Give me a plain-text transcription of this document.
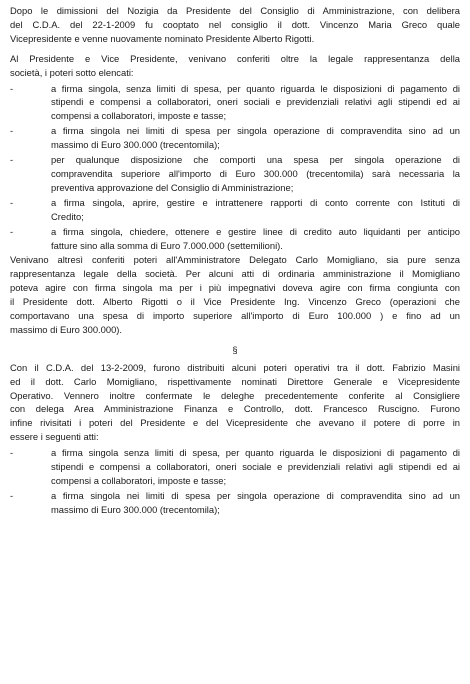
Dopo le dimissioni del Nozigia da Presidente del Consiglio di Amministrazione, con delibera
del C.D.A. del 22-1-2009 fu cooptato nel consiglio il dott. Vincenzo Maria Greco quale
Vicepresidente e venne nuovamente nominato Presidente Alberto Rigotti.
Al Presidente e Vice Presidente, venivano conferiti oltre la legale rappresentanza della
società, i poteri sotto elencati:
-	a firma singola, senza limiti di spesa, per quanto riguarda le disposizioni di pagamento di
stipendi e compensi a collaboratori, oneri sociali e previdenziali relativi agli stipendi ed ai
compensi a collaboratori, imposte e tasse;
-	a firma singola nei limiti di spesa per singola operazione di compravendita sino ad un
massimo di Euro 300.000 (trecentomila);
-	per qualunque disposizione che comporti una spesa per singola operazione di
compravendita superiore all'importo di Euro 300.000 (trecentomila) sarà necessaria la
preventiva approvazione del Consiglio di Amministrazione;
-	a firma singola, aprire, gestire e intrattenere rapporti di conto corrente con Istituti di
Credito;
-	a firma singola, chiedere, ottenere e gestire linee di credito auto liquidanti per anticipo
fatture sino alla somma di Euro 7.000.000 (settemilioni).
Venivano altresì conferiti poteri all'Amministratore Delegato Carlo Momigliano, sia pure senza
rappresentanza legale della società. Per alcuni atti di ordinaria amministrazione il Momigliano
poteva agire con firma singola ma per i più impegnativi doveva agire con firma congiunta con
il Presidente dott. Alberto Rigotti o il Vice Presidente Ing. Vincenzo Greco (operazioni che
comportavano una spesa di importo superiore all'importo di Euro 100.000 ) e fino ad un
massimo di Euro 300.000).
§
Con il C.D.A. del 13-2-2009, furono distribuiti alcuni poteri operativi tra il dott. Fabrizio Masini
ed il dott. Carlo Momigliano, rispettivamente nominati Direttore Generale e Vicepresidente
Operativo. Vennero inoltre confermate le deleghe precedentemente conferite al Consigliere
con delega Area Amministrazione Finanza e Controllo, dott. Francesco Ruscigno. Furono
infine rivisitati i poteri del Presidente e del Vicepresidente che avevano il potere di porre in
essere i seguenti atti:
-	a firma singola senza limiti di spesa, per quanto riguarda le disposizioni di pagamento di
stipendi e compensi a collaboratori, oneri sociale e previdenziali relativi agli stipendi ed ai
compensi a collaboratori, imposte e tasse;
-	a firma singola nei limiti di spesa per singola operazione di compravendita sino ad un
massimo di Euro 300.000 (trecentomila);
